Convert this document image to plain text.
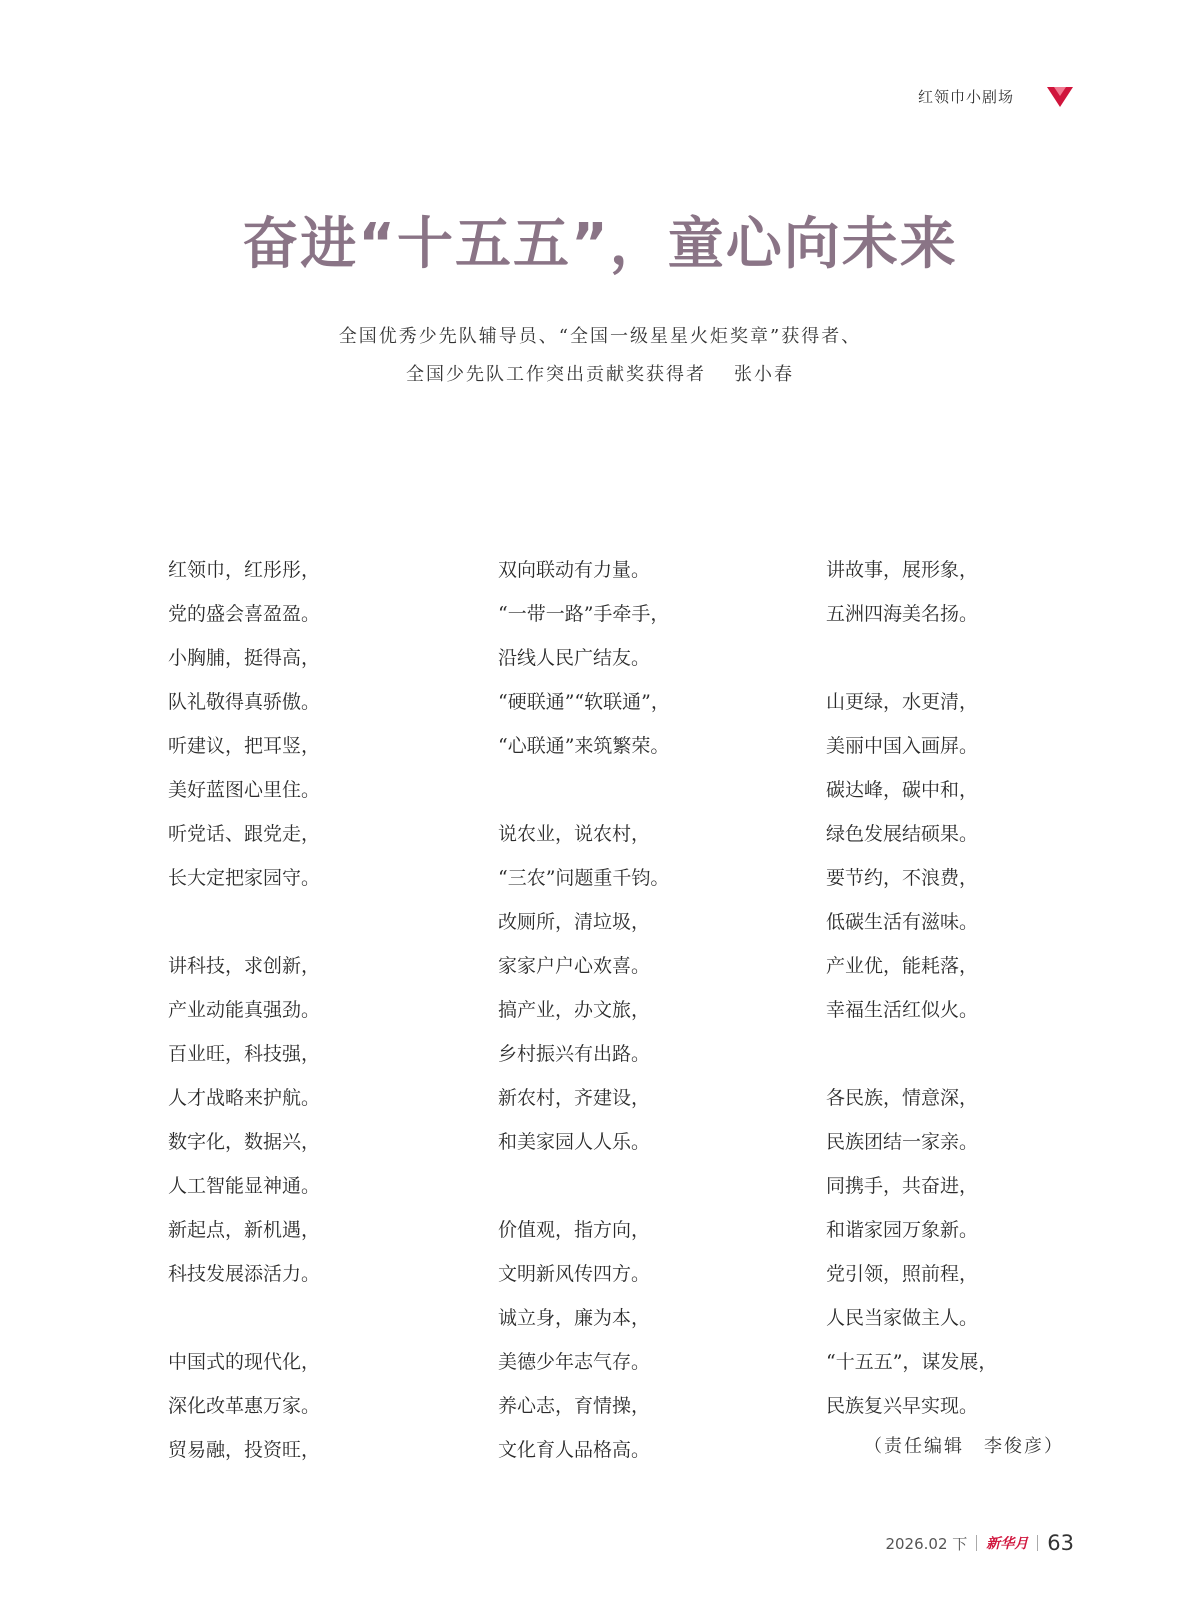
红领巾小剧场
奋进“十五五”，童心向未来
全国优秀少先队辅导员、“全国一级星星火炬奖章”获得者、
全国少先队工作突出贡献奖获得者 张小春
红领巾，红彤彤，
党的盛会喜盈盈。
小胸脯，挺得高，
队礼敬得真骄傲。
听建议，把耳竖，
美好蓝图心里住。
听党话、跟党走，
长大定把家园守。
讲科技，求创新，
产业动能真强劲。
百业旺，科技强，
人才战略来护航。
数字化，数据兴，
人工智能显神通。
新起点，新机遇，
科技发展添活力。
中国式的现代化，
深化改革惠万家。
贸易融，投资旺，
双向联动有力量。
“一带一路”手牵手，
沿线人民广结友。
“硬联通”“软联通”，
“心联通”来筑繁荣。
说农业，说农村，
“三农”问题重千钧。
改厕所，清垃圾，
家家户户心欢喜。
搞产业，办文旅，
乡村振兴有出路。
新农村，齐建设，
和美家园人人乐。
价值观，指方向，
文明新风传四方。
诚立身，廉为本，
美德少年志气存。
养心志，育情操，
文化育人品格高。
讲故事，展形象，
五洲四海美名扬。
山更绿，水更清，
美丽中国入画屏。
碳达峰，碳中和，
绿色发展结硕果。
要节约，不浪费，
低碳生活有滋味。
产业优，能耗落，
幸福生活红似火。
各民族，情意深，
民族团结一家亲。
同携手，共奋进，
和谐家园万象新。
党引领，照前程，
人民当家做主人。
“十五五”，谋发展，
民族复兴早实现。
（责任编辑　李俊彦）
2026.02 下 新华月 63
